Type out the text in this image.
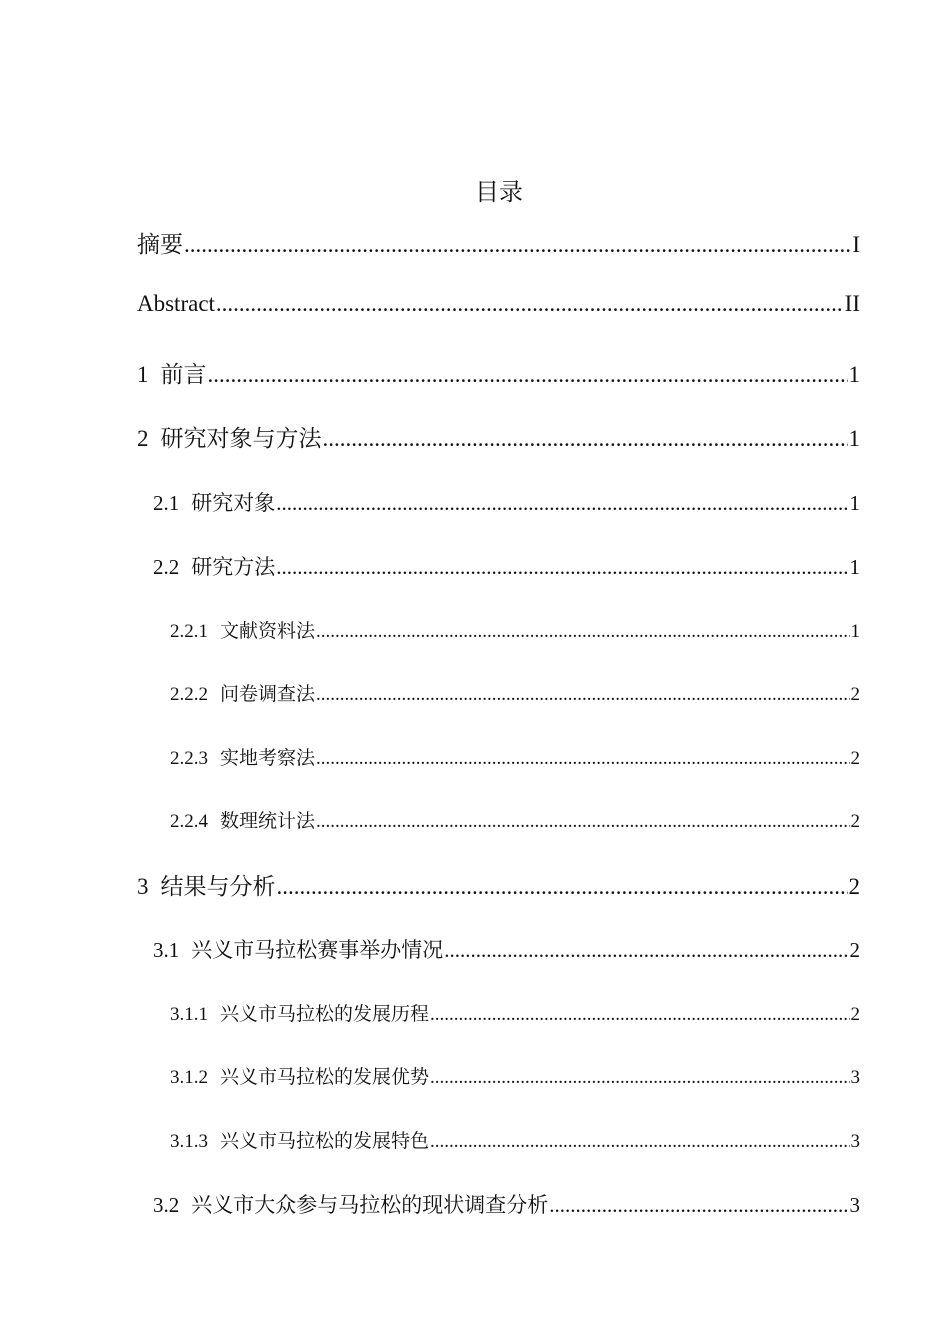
目录
摘要 .....	I
Abstract .....	II
1 前言 .....	1
2 研究对象与方法 .....	1
2.1 研究对象 .....	1
2.2 研究方法 .....	1
2.2.1 文献资料法 .....	1
2.2.2 问卷调查法 .....	2
2.2.3 实地考察法 .....	2
2.2.4 数理统计法 .....	2
3 结果与分析 .....	2
3.1 兴义市马拉松赛事举办情况 .....	2
3.1.1 兴义市马拉松的发展历程 .....	2
3.1.2 兴义市马拉松的发展优势 .....	3
3.1.3 兴义市马拉松的发展特色 .....	3
3.2 兴义市大众参与马拉松的现状调查分析 .....	3
